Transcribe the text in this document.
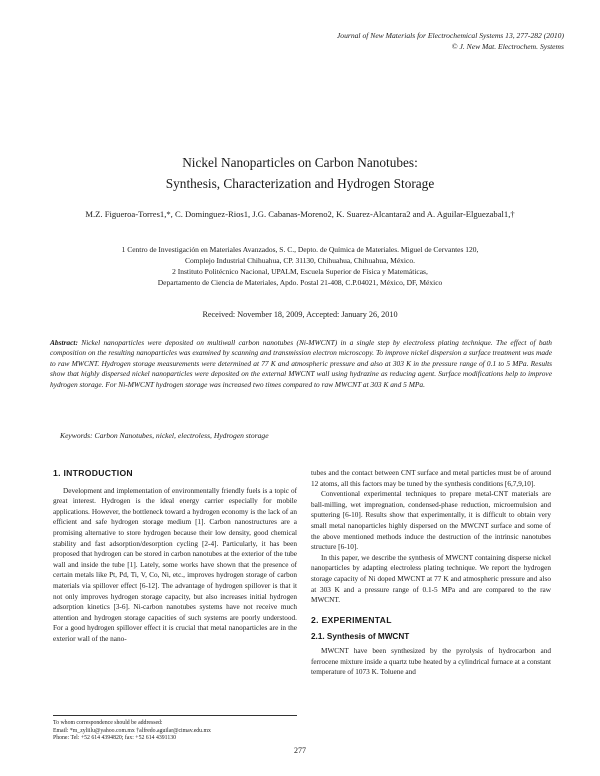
Journal of New Materials for Electrochemical Systems 13, 277-282 (2010)
© J. New Mat. Electrochem. Systems
Nickel Nanoparticles on Carbon Nanotubes:
Synthesis, Characterization and Hydrogen Storage
M.Z. Figueroa-Torres1,*, C. Dominguez-Rios1, J.G. Cabanas-Moreno2, K. Suarez-Alcantara2 and A. Aguilar-Elguezabal1,†
1 Centro de Investigación en Materiales Avanzados, S. C., Depto. de Química de Materiales. Miguel de Cervantes 120,
Complejo Industrial Chihuahua, CP. 31130, Chihuahua, Chihuahua, México.
2 Instituto Politécnico Nacional, UPALM, Escuela Superior de Física y Matemáticas,
Departamento de Ciencia de Materiales, Apdo. Postal 21-408, C.P.04021, México, DF, México
Received: November 18, 2009, Accepted: January 26, 2010
Abstract: Nickel nanoparticles were deposited on multiwall carbon nanotubes (Ni-MWCNT) in a single step by electroless plating technique. The effect of bath composition on the resulting nanoparticles was examined by scanning and transmission electron microscopy. To improve nickel dispersion a surface treatment was made to raw MWCNT. Hydrogen storage measurements were determined at 77 K and atmospheric pressure and also at 303 K in the pressure range of 0.1 to 5 MPa. Results show that highly dispersed nickel nanoparticles were deposited on the external MWCNT wall using hydrazine as reducing agent. Surface modifications help to improve hydrogen storage. For Ni-MWCNT hydrogen storage was increased two times compared to raw MWCNT at 303 K and 5 MPa.
Keywords: Carbon Nanotubes, nickel, electroless, Hydrogen storage
1. INTRODUCTION

Development and implementation of environmentally friendly fuels is a topic of great interest. Hydrogen is the ideal energy carrier especially for mobile applications. However, the bottleneck toward a hydrogen economy is the lack of an efficient and safe hydrogen storage medium [1]. Carbon nanostructures are a promising alternative to store hydrogen because their low density, good chemical stability and fast adsorption/desorption cycling [2-4]. Particularly, it has been proposed that hydrogen can be stored in carbon nanotubes at the exterior of the tube wall and inside the tube [1]. Lately, some works have shown that the presence of certain metals like Pt, Pd, Ti, V, Co, Ni, etc., improves hydrogen storage of carbon materials via spillover effect [6-12]. The advantage of hydrogen spillover is that it not only improves hydrogen storage capacity, but also increases initial hydrogen adsorption kinetics [3-6]. Ni-carbon nanotubes systems have not receive much attention and hydrogen storage capacities of such systems are poorly understood. For a good hydrogen spillover effect it is crucial that metal nanoparticles are in the exterior wall of the nano-

tubes and the contact between CNT surface and metal particles must be of around 12 atoms, all this factors may be tuned by the synthesis conditions [6,7,9,10].

Conventional experimental techniques to prepare metal-CNT materials are ball-milling, wet impregnation, condensed-phase reduction, microemulsion and sputtering [6-10]. Results show that experimentally, it is difficult to obtain very small metal nanoparticles highly dispersed on the MWCNT surface and some of the above mentioned methods induce the destruction of the intrinsic nanotubes structure [6-10].

In this paper, we describe the synthesis of MWCNT containing disperse nickel nanoparticles by adapting electroless plating technique. We report the hydrogen storage capacity of Ni doped MWCNT at 77 K and atmospheric pressure and also at 303 K and a pressure range of 0.1-5 MPa and are compared to the raw MWCNT.

2. EXPERIMENTAL
2.1. Synthesis of MWCNT

MWCNT have been synthesized by the pyrolysis of hydrocarbon and ferrocene mixture inside a quartz tube heated by a cylindrical furnace at a constant temperature of 1073 K. Toluene and

To whom correspondence should be addressed:
Email: *m_zyliilu@yahoo.com.mx †alfredo.aguilar@cimav.edu.mx
Phone: Tel: +52 614 4394820; fax: +52 614 4391130
277
